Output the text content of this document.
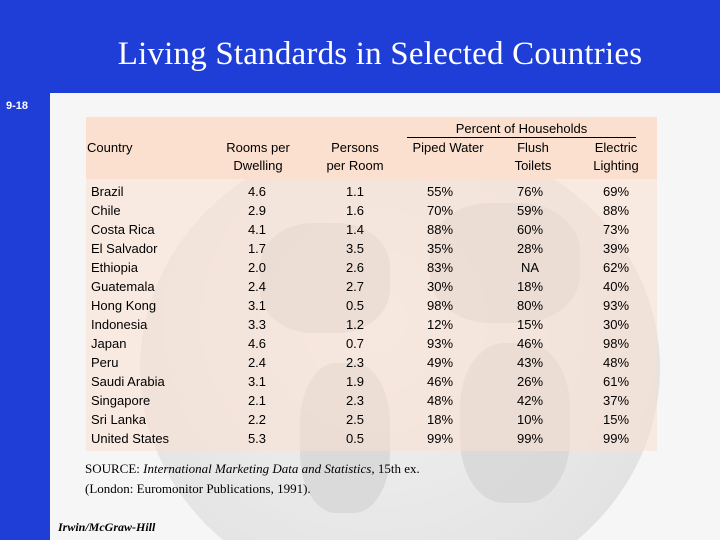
Living Standards in Selected Countries
9-18
Country	Rooms per
Dwelling
Persons
per Room
Percent of Households
Piped Water	Flush
Toilets
Electric
Lighting
Brazil
Chile
Costa Rica
El Salvador
Ethiopia
Guatemala
Hong Kong
Indonesia
Japan
Peru
Saudi Arabia
Singapore
Sri Lanka
United States
4.6
2.9
4.1
1.7
2.0
2.4
3.1
3.3
4.6
2.4
3.1
2.1
2.2
5.3
1.1
1.6
1.4
3.5
2.6
2.7
0.5
1.2
0.7
2.3
1.9
2.3
2.5
0.5
55%
70%
88%
35%
83%
30%
98%
12%
93%
49%
46%
48%
18%
99%
76%
59%
60%
28%
NA
18%
80%
15%
46%
43%
26%
42%
10%
99%
69%
88%
73%
39%
62%
40%
93%
30%
98%
48%
61%
37%
15%
99%
SOURCE: International Marketing Data and Statistics, 15th ex.
(London: Euromonitor Publications, 1991).
Irwin/McGraw-Hill
